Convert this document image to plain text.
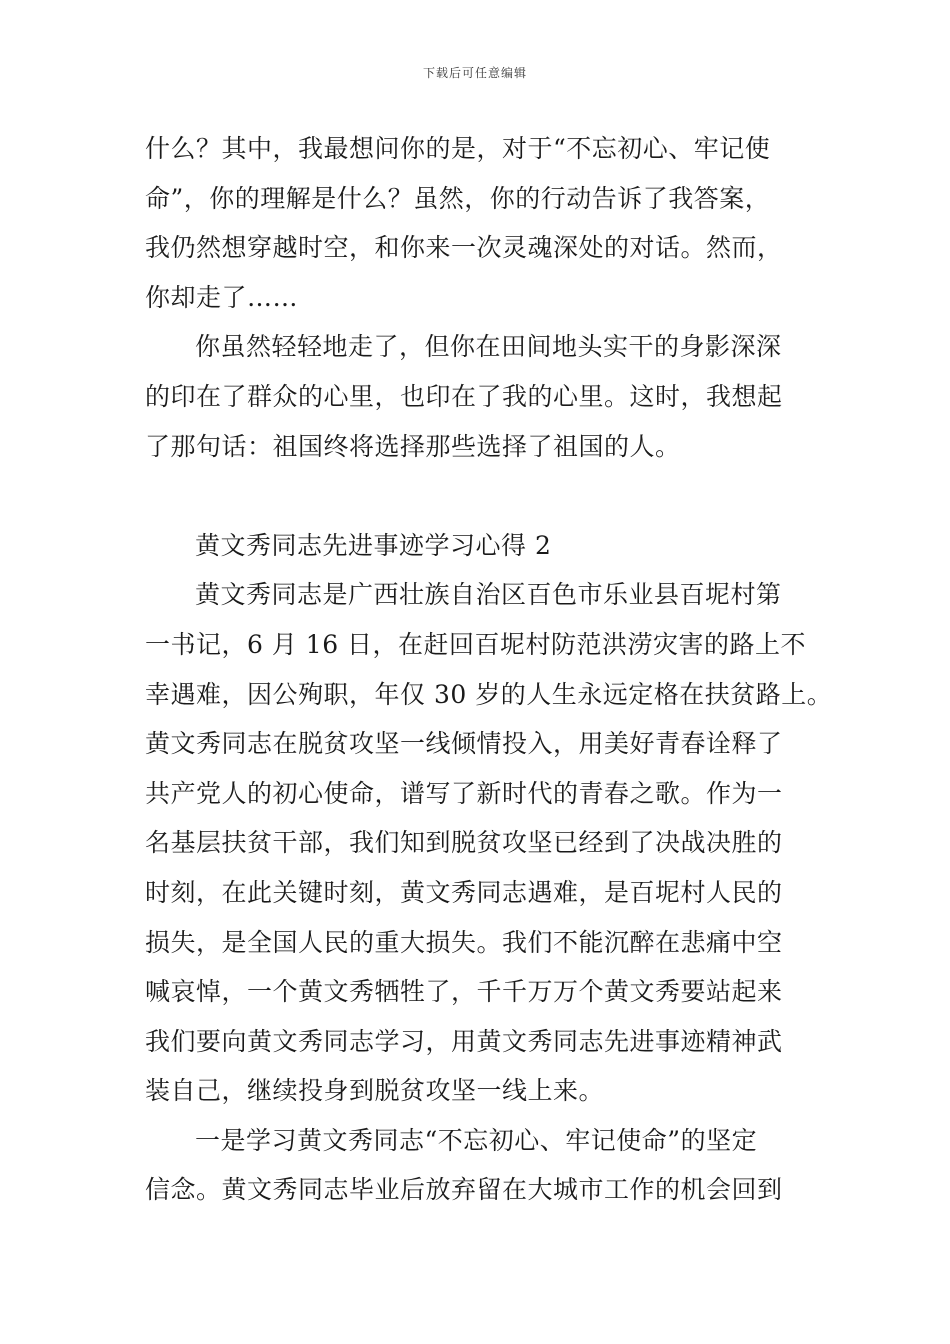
下载后可任意编辑
什么？其中，我最想问你的是，对于“不忘初心、牢记使
命”，你的理解是什么？虽然，你的行动告诉了我答案，
我仍然想穿越时空，和你来一次灵魂深处的对话。然而，
你却走了……
你虽然轻轻地走了，但你在田间地头实干的身影深深
的印在了群众的心里，也印在了我的心里。这时，我想起
了那句话：祖国终将选择那些选择了祖国的人。
黄文秀同志先进事迹学习心得 2
黄文秀同志是广西壮族自治区百色市乐业县百坭村第
一书记，6 月 16 日，在赶回百坭村防范洪涝灾害的路上不
幸遇难，因公殉职，年仅 30 岁的人生永远定格在扶贫路上。
黄文秀同志在脱贫攻坚一线倾情投入，用美好青春诠释了
共产党人的初心使命，谱写了新时代的青春之歌。作为一
名基层扶贫干部，我们知到脱贫攻坚已经到了决战决胜的
时刻，在此关键时刻，黄文秀同志遇难，是百坭村人民的
损失，是全国人民的重大损失。我们不能沉醉在悲痛中空
喊哀悼，一个黄文秀牺牲了，千千万万个黄文秀要站起来
我们要向黄文秀同志学习，用黄文秀同志先进事迹精神武
装自己，继续投身到脱贫攻坚一线上来。
一是学习黄文秀同志“不忘初心、牢记使命”的坚定
信念。黄文秀同志毕业后放弃留在大城市工作的机会回到
